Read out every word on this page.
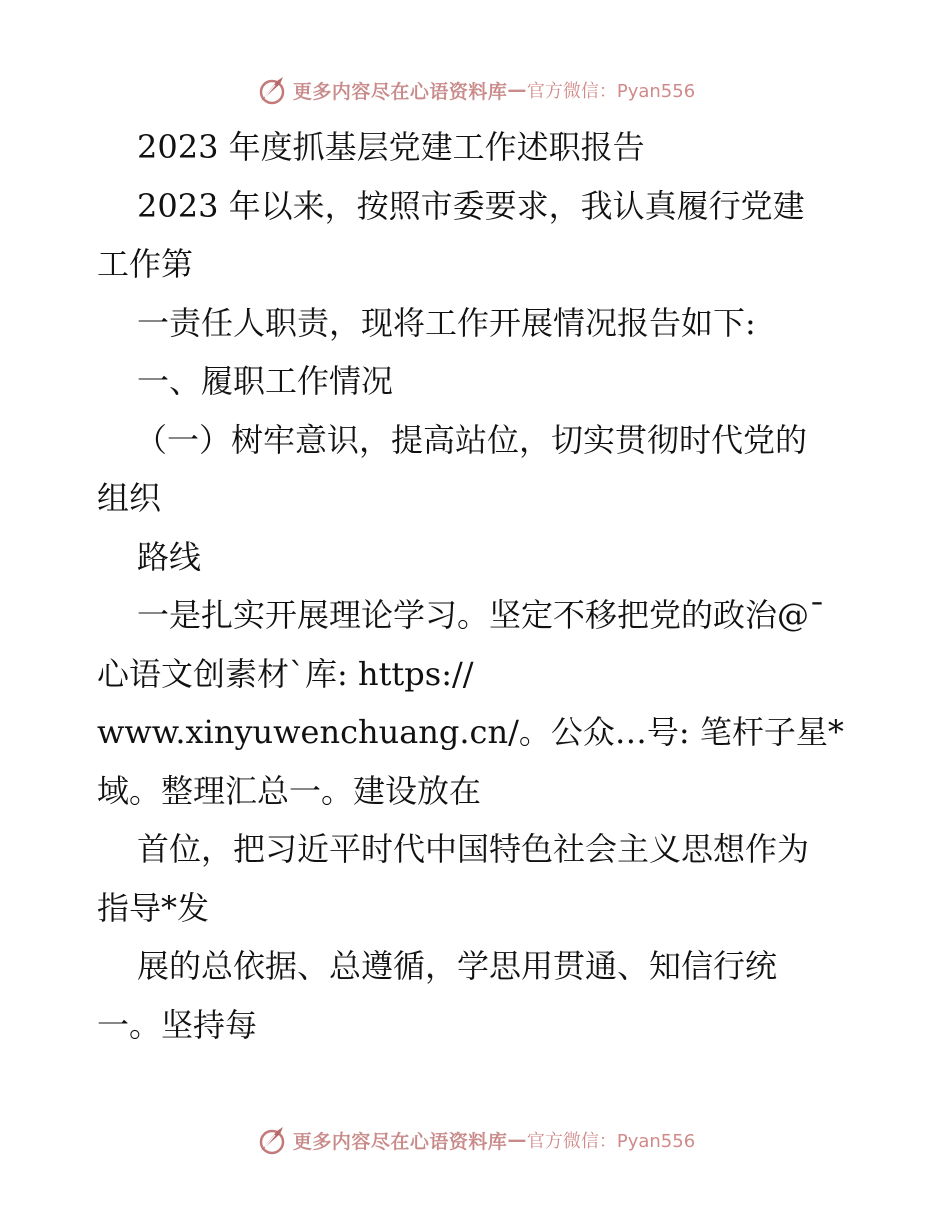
更多内容尽在心语资料库 — 官方微信：Pyan556
2023 年度抓基层党建工作述职报告
2023 年以来，按照市委要求，我认真履行党建
工作第
一责任人职责，现将工作开展情况报告如下:
一、履职工作情况
（一）树牢意识，提高站位，切实贯彻时代党的
组织
路线
一是扎实开展理论学习。坚定不移把党的政治@¯
心语文创素材`库: https://
www.xinyuwenchuang.cn/。公众…号: 笔杆子星*
域。整理汇总一。建设放在
首位，把习近平时代中国特色社会主义思想作为
指导*发
展的总依据、总遵循，学思用贯通、知信行统
一。坚持每
更多内容尽在心语资料库 — 官方微信：Pyan556
